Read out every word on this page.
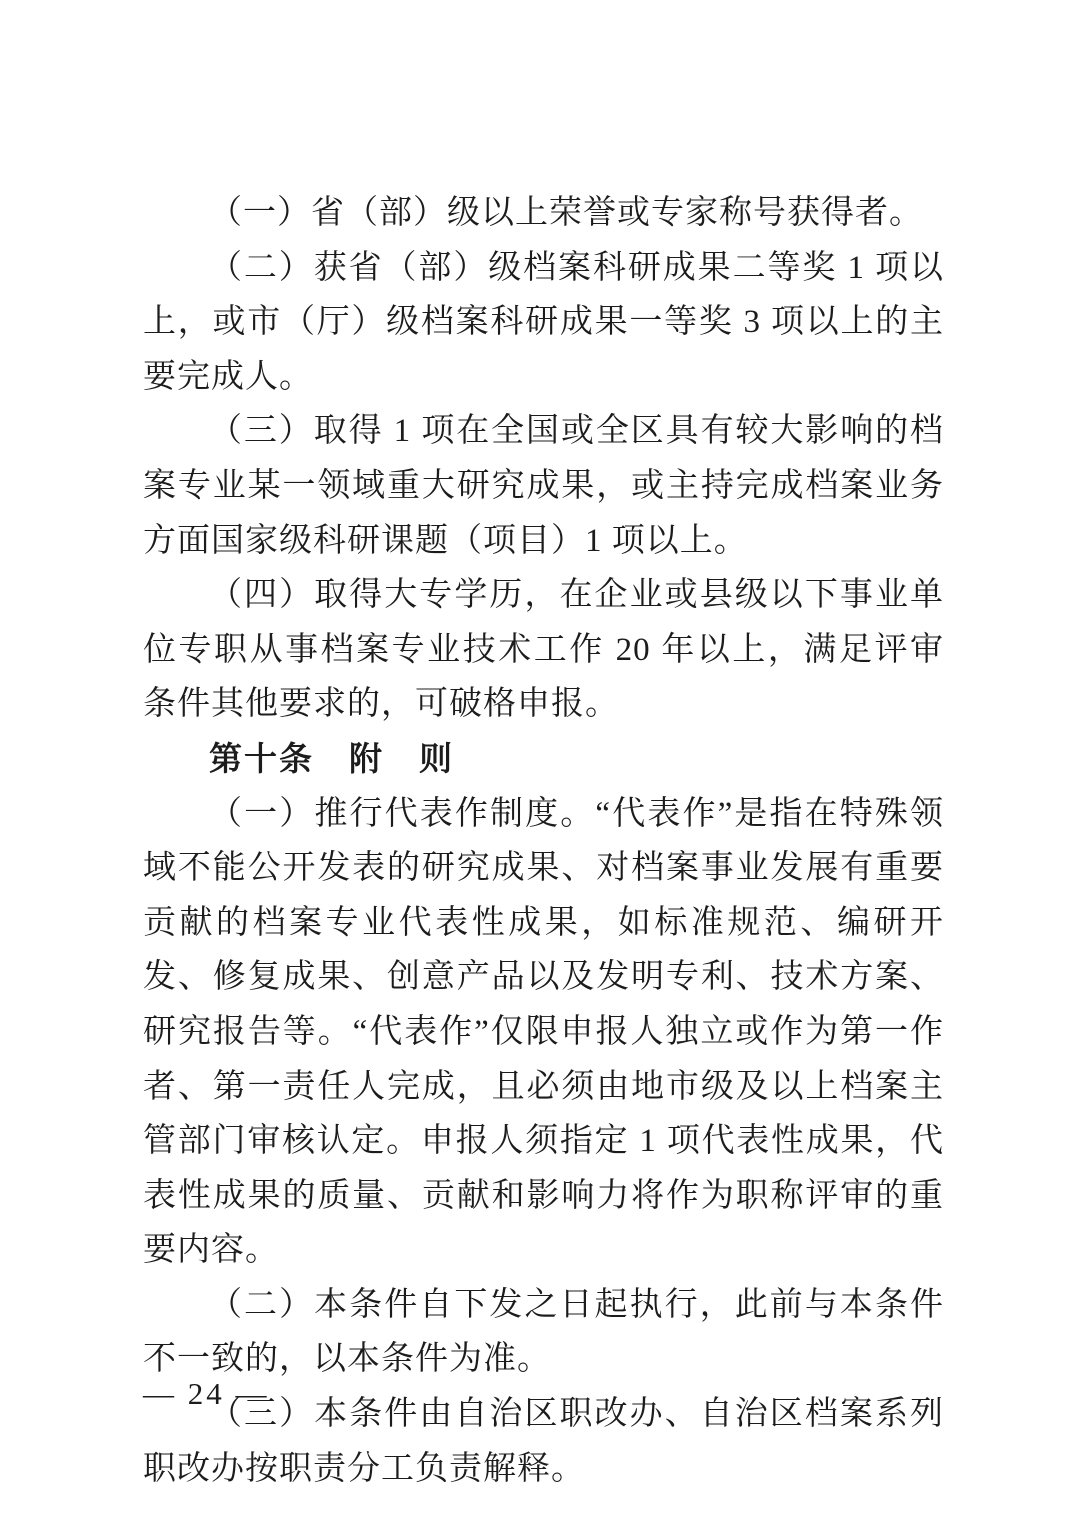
（一）省（部）级以上荣誉或专家称号获得者。

（二）获省（部）级档案科研成果二等奖 1 项以上，或市（厅）级档案科研成果一等奖 3 项以上的主要完成人。

（三）取得 1 项在全国或全区具有较大影响的档案专业某一领域重大研究成果，或主持完成档案业务方面国家级科研课题（项目）1 项以上。

（四）取得大专学历，在企业或县级以下事业单位专职从事档案专业技术工作 20 年以上，满足评审条件其他要求的，可破格申报。

第十条　附　则

（一）推行代表作制度。“代表作”是指在特殊领域不能公开发表的研究成果、对档案事业发展有重要贡献的档案专业代表性成果，如标准规范、编研开发、修复成果、创意产品以及发明专利、技术方案、研究报告等。“代表作”仅限申报人独立或作为第一作者、第一责任人完成，且必须由地市级及以上档案主管部门审核认定。申报人须指定 1 项代表性成果，代表性成果的质量、贡献和影响力将作为职称评审的重要内容。

（二）本条件自下发之日起执行，此前与本条件不一致的，以本条件为准。

（三）本条件由自治区职改办、自治区档案系列职改办按职责分工负责解释。

— 24 —
